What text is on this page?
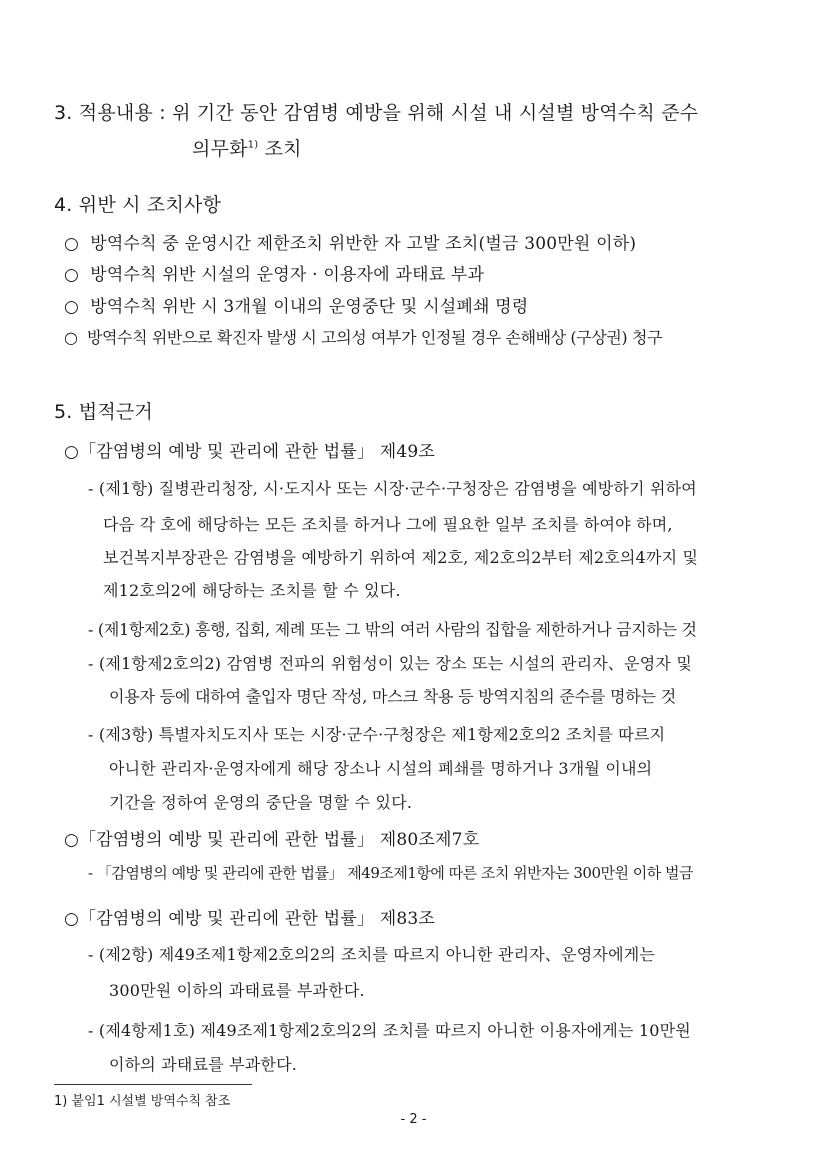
3. 적용내용 : 위 기간 동안 감염병 예방을 위해 시설 내 시설별 방역수칙 준수
의무화$^{1)}$ 조치
4. 위반 시 조치사항
○ 방역수칙 중 운영시간 제한조치 위반한 자 고발 조치(벌금 300만원 이하)
○ 방역수칙 위반 시설의 운영자 · 이용자에 과태료 부과
○ 방역수칙 위반 시 3개월 이내의 운영중단 및 시설폐쇄 명령
○ 방역수칙 위반으로 확진자 발생 시 고의성 여부가 인정될 경우 손해배상 (구상권) 청구
5. 법적근거
○「감염병의 예방 및 관리에 관한 법률」 제49조
- (제1항) 질병관리청장, 시·도지사 또는 시장·군수·구청장은 감염병을 예방하기 위하여
다음 각 호에 해당하는 모든 조치를 하거나 그에 필요한 일부 조치를 하여야 하며,
보건복지부장관은 감염병을 예방하기 위하여 제2호, 제2호의2부터 제2호의4까지 및
제12호의2에 해당하는 조치를 할 수 있다.
- (제1항제2호) 흥행, 집회, 제례 또는 그 밖의 여러 사람의 집합을 제한하거나 금지하는 것
- (제1항제2호의2) 감염병 전파의 위험성이 있는 장소 또는 시설의 관리자、운영자 및
이용자 등에 대하여 출입자 명단 작성, 마스크 착용 등 방역지침의 준수를 명하는 것
- (제3항) 특별자치도지사 또는 시장·군수·구청장은 제1항제2호의2 조치를 따르지
아니한 관리자·운영자에게 해당 장소나 시설의 폐쇄를 명하거나 3개월 이내의
기간을 정하여 운영의 중단을 명할 수 있다.
○「감염병의 예방 및 관리에 관한 법률」 제80조제7호
- 「감염병의 예방 및 관리에 관한 법률」 제49조제1항에 따른 조치 위반자는 300만원 이하 벌금
○「감염병의 예방 및 관리에 관한 법률」 제83조
- (제2항) 제49조제1항제2호의2의 조치를 따르지 아니한 관리자、운영자에게는
300만원 이하의 과태료를 부과한다.
- (제4항제1호) 제49조제1항제2호의2의 조치를 따르지 아니한 이용자에게는 10만원
이하의 과태료를 부과한다.
1) 붙임1 시설별 방역수칙 참조
- 2 -
